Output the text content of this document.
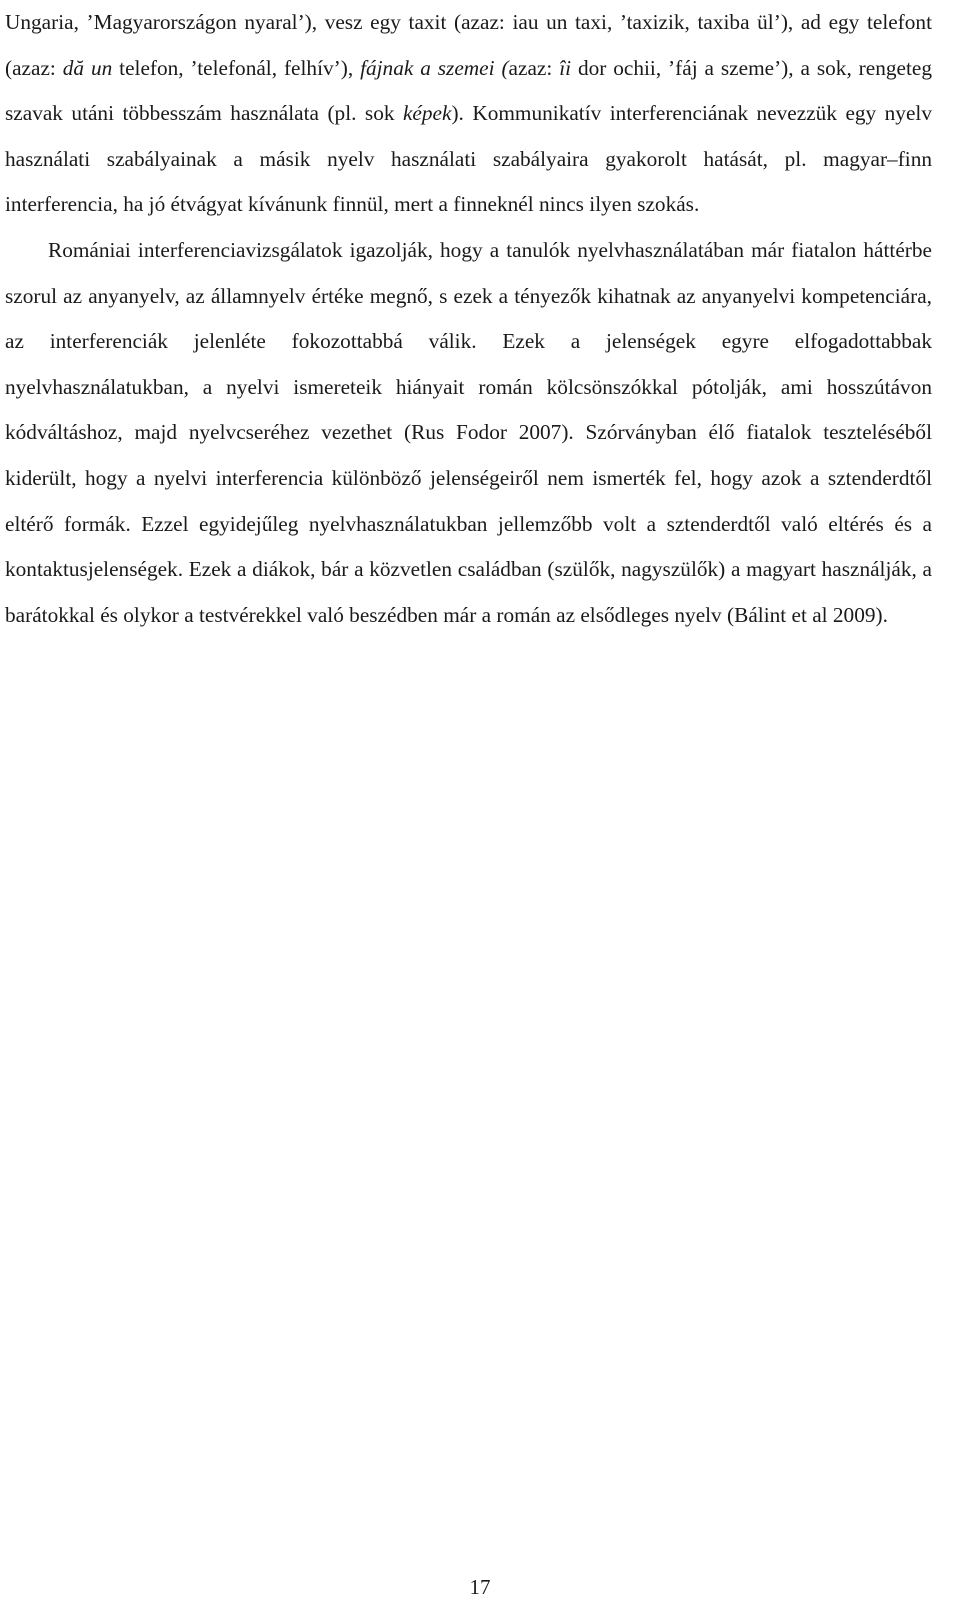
Ungaria, ’Magyarországon nyaral’), vesz egy taxit (azaz: iau un taxi, ’taxizik, taxiba ül’), ad egy telefont (azaz: dă un telefon, ’telefonál, felhív’), fájnak a szemei (azaz: îi dor ochii, ’fáj a szeme’), a sok, rengeteg szavak utáni többesszám használata (pl. sok képek). Kommunikatív interferenciának nevezzük egy nyelv használati szabályainak a másik nyelv használati szabályaira gyakorolt hatását, pl. magyar–finn interferencia, ha jó étvágyat kívánunk finnül, mert a finneknél nincs ilyen szokás.

Romániai interferenciavizsgálatok igazolják, hogy a tanulók nyelvhasználatában már fiatalon háttérbe szorul az anyanyelv, az államnyelv értéke megnő, s ezek a tényezők kihatnak az anyanyelvi kompetenciára, az interferenciák jelenléte fokozottabbá válik. Ezek a jelenségek egyre elfogadottabbak nyelvhasználatukban, a nyelvi ismereteik hiányait román kölcsönszókkal pótolják, ami hosszútávon kódváltáshoz, majd nyelvcseréhez vezethet (Rus Fodor 2007). Szórványban élő fiatalok teszteléséből kiderült, hogy a nyelvi interferencia különböző jelenségeiről nem ismerték fel, hogy azok a sztenderdtől eltérő formák. Ezzel egyidejűleg nyelvhasználatukban jellemzőbb volt a sztenderdtől való eltérés és a kontaktusjelenségek. Ezek a diákok, bár a közvetlen családban (szülők, nagyszülők) a magyart használják, a barátokkal és olykor a testvérekkel való beszédben már a román az elsődleges nyelv (Bálint et al 2009).

17
